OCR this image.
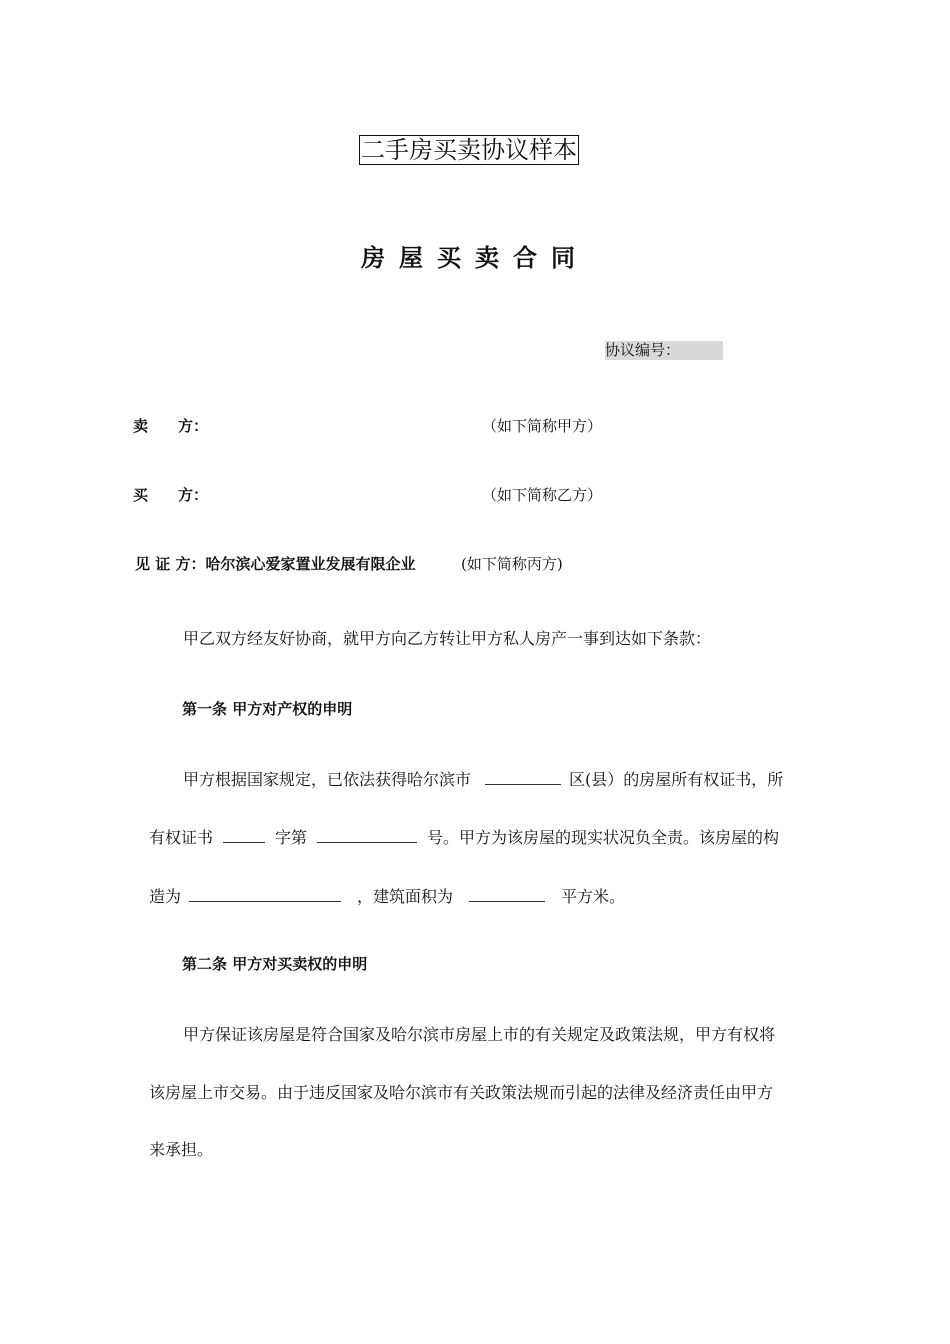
二手房买卖协议样本
房屋买卖合同
协议编号：
卖　　方：	（如下简称甲方）
买　　方：	（如下简称乙方）
见 证 方：哈尔滨心爱家置业发展有限企业	(如下简称丙方)
甲乙双方经友好协商，就甲方向乙方转让甲方私人房产一事到达如下条款：
第一条 甲方对产权的申明
甲方根据国家规定，已依法获得哈尔滨市	区(县）的房屋所有权证书，所
有权证书	字第	号。甲方为该房屋的现实状况负全责。该房屋的构
造为	，建筑面积为	平方米。
第二条 甲方对买卖权的申明
甲方保证该房屋是符合国家及哈尔滨市房屋上市的有关规定及政策法规，甲方有权将
该房屋上市交易。由于违反国家及哈尔滨市有关政策法规而引起的法律及经济责任由甲方
来承担。
